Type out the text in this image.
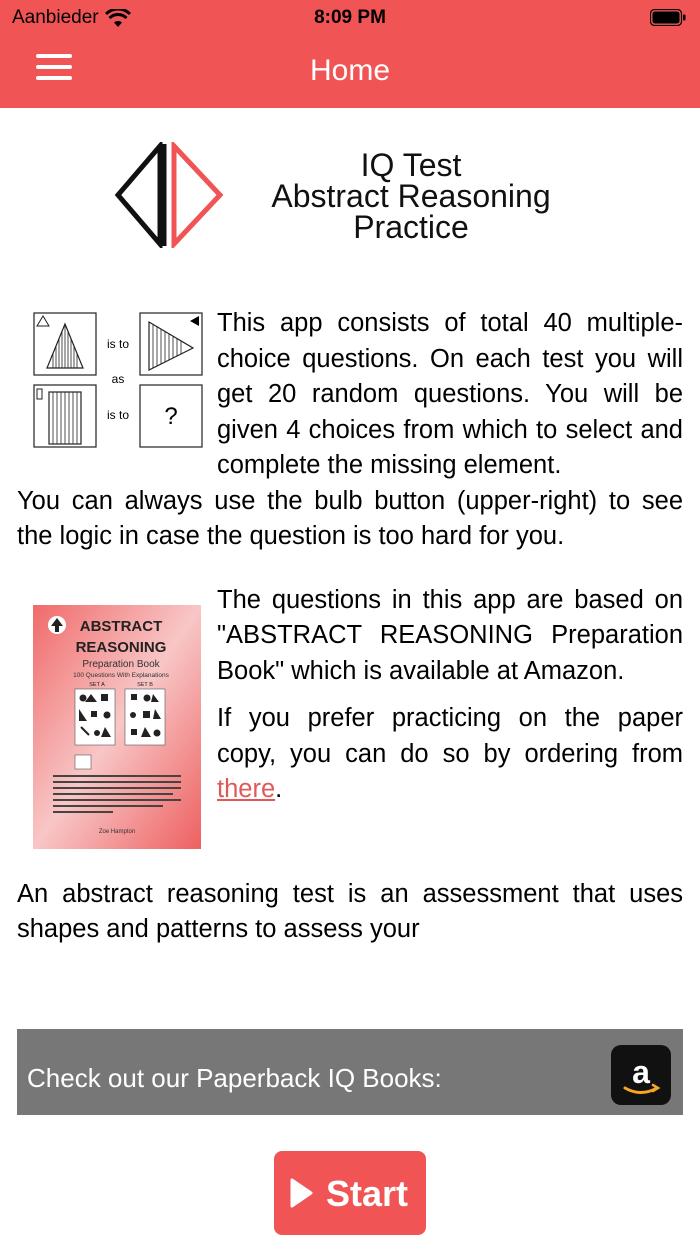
Aanbieder	8:09 PM
Home
IQ Test
Abstract Reasoning
Practice
is to
as
is to ?

This app consists of total 40 multiple-choice questions. On each test you will get 20 random questions. You will be given 4 choices from which to select and complete the missing element.

You can always use the bulb button (upper-right) to see the logic in case the question is too hard for you.

ABSTRACT
REASONING
Preparation Book
100 Questions With Explanations
SET A	SET B
Zoe Hampton

The questions in this app are based on "ABSTRACT REASONING Preparation Book" which is available at Amazon.

If you prefer practicing on the paper copy, you can do so by ordering from there.

An abstract reasoning test is an assessment that uses shapes and patterns to assess your

Check out our Paperback IQ Books:	a
Start
